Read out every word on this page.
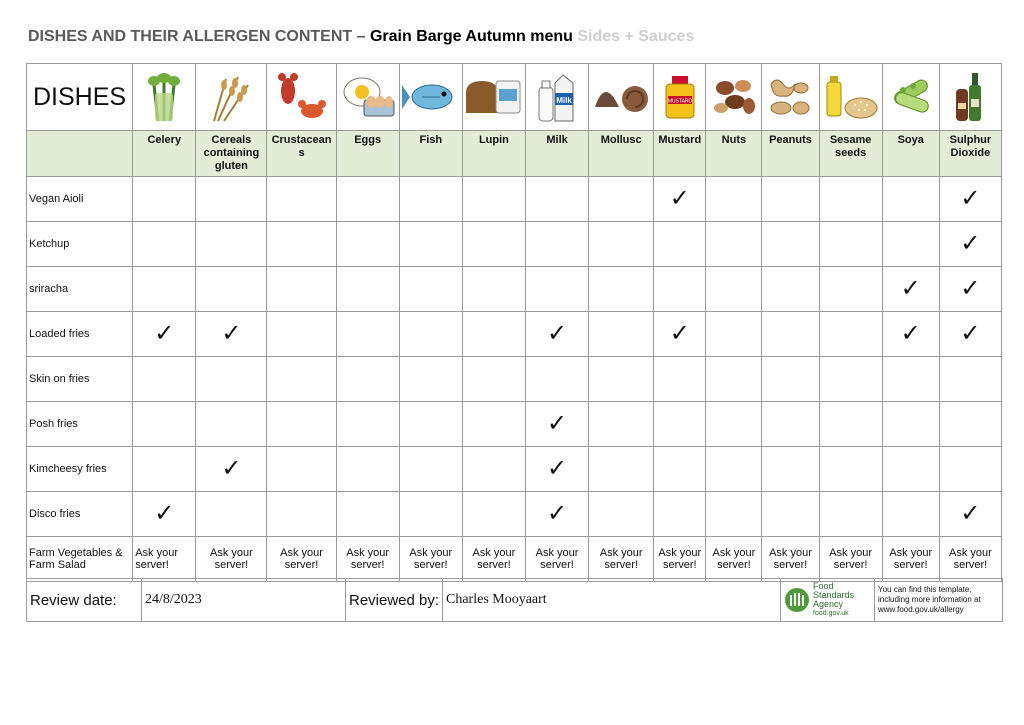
DISHES AND THEIR ALLERGEN CONTENT – Grain Barge Autumn menu Sides + Sauces
DISHES							Milk		MUSTARD

	Celery	Cereals containing gluten	Crustacean s	Eggs	Fish	Lupin	Milk	Mollusc	Mustard	Nuts	Peanuts	Sesame seeds	Soya	Sulphur Dioxide
Vegan Aioli									✓					✓
Ketchup														✓
sriracha													✓	✓
Loaded fries	✓	✓					✓		✓				✓	✓
Skin on fries														
Posh fries							✓							
Kimcheesy fries		✓					✓							
Disco fries	✓						✓							✓
Farm Vegetables & Farm Salad	Ask your server!	Ask your server!	Ask your server!	Ask your server!	Ask your server!	Ask your server!	Ask your server!	Ask your server!	Ask your server!	Ask your server!	Ask your server!	Ask your server!	Ask your server!	Ask your server!
Review date:	24/8/2023	Reviewed by:	Charles Mooyaart	
Food
Standards
Agency
food.gov.uk
	You can find this template, including more information at www.food.gov.uk/allergy
